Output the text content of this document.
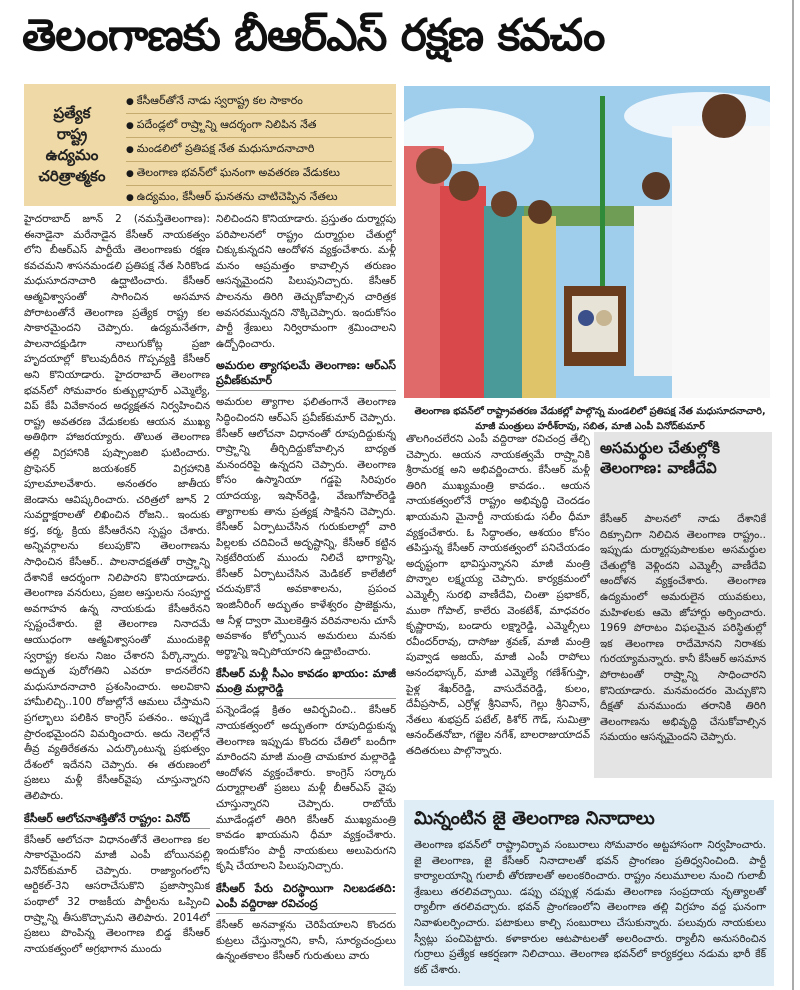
తెలంగాణకు బీఆర్ఎస్ రక్షణ కవచం
ప్రత్యేక
రాష్ట్ర
ఉద్యమం
చరిత్రాత్మకం
● కేసీఆర్‌తోనే నాడు స్వరాష్ట్ర కల సాకారం
● పదేండ్లలో రాష్ర్టాన్ని ఆదర్శంగా నిలిపిన నేత
● మండలిలో ప్రతిపక్ష నేత మధుసూదనాచారి
● తెలంగాణ భవన్‌లో ఘనంగా అవతరణ వేడుకలు
● ఉద్యమం, కేసీఆర్ ఘనతను చాటిచెప్పిన నేతలు
తెలంగాణ భవన్‌లో రాష్ట్రావతరణ వేడుకల్లో పాల్గొన్న మండలిలో ప్రతిపక్ష నేత మధుసూదనాచారి, మాజీ మంత్రులు హరీశ్‌రావు, సబిత, మాజీ ఎంపీ వినోద్‌కుమార్

హైదరాబాద్‌ జూన్‌ 2 (నమస్తేతెలంగాణ): ఈనాడైనా మరేనాడైన కేసీఆర్‌ నాయకత్వం లోని బీఆర్‌ఎస్‌ పార్టీయే తెలంగాణకు రక్షణ కవచమని శాసనమండలి ప్రతిపక్ష నేత సిరికొండ మధుసూదనాచారి ఉద్ఘాటించారు. కేసీఆర్‌ ఆత్మవిశ్వాసంతో సాగించిన అసమాన పోరాటంతోనే తెలంగాణ ప్రత్యేక రాష్ట్ర కల సాకారమైందని చెప్పారు. ఉద్యమనేతగా, పాలనాదక్షుడిగా నాలుగుకోట్ల ప్రజా హృదయాల్లో కొలువుదీరిన గొప్పవ్యక్తి కేసీఆర్‌ అని కొనియాడారు. హైదరాబాద్‌ తెలంగాణ భవన్‌లో సోమవారం కుత్బుల్లాపూర్‌ ఎమ్మెల్యే, విప్‌ కేపీ వివేకానంద అధ్యక్షతన నిర్వహించిన రాష్ట్ర అవతరణ వేడుకలకు ఆయన ముఖ్య అతిథిగా హాజరయ్యారు. తొలుత తెలంగాణ తల్లి విగ్రహానికి పుష్పాంజలి ఘటించారు. ప్రొఫెసర్‌ జయశంకర్‌ విగ్రహానికి పూలమాలవేశారు. అనంతరం జాతీయ జెండాను ఆవిష్కరించారు. చరిత్రలో జూన్‌ 2 సువర్ణాక్షరాలతో లిఖించిన రోజని.. ఇందుకు కర్త, కర్మ, క్రియ కేసీఆరేనని స్పష్టం చేశారు. అన్నివర్గాలను కలుపుకొని తెలంగాణను సాధించిన కేసీఆర్‌.. పాలనాదక్షతతో రాష్ర్టాన్ని దేశానికే ఆదర్శంగా నిలిపారని కొనియాడారు. తెలంగాణ వనరులు, ప్రజల ఆస్తులను సంపూర్ణ అవగాహన ఉన్న నాయకుడు కేసీఆరేనని స్పష్టంచేశారు. జై తెలంగాణ నినాదమే ఆయుధంగా ఆత్మవిశ్వాసంతో ముందుకెళ్లి స్వరాష్ట్ర కలను నిజం చేశారని పేర్కొన్నారు. అద్భుత పురోగతిని ఎవరూ కాదనలేరని మధుసూదనాచారి ప్రశంసించారు. అలవికాని హామీలిచ్చి..100 రోజుల్లోనే ఆమలు చేస్తామని ప్రగల్భాలు పలికిన కాంగ్రెస్‌ పతనం.. అప్పుడే ప్రారంభమైందని విమర్శించారు. అదు నెలల్లోనే తీవ్ర వ్యతిరేకతను ఎదుర్కొంటున్న ప్రభుత్వం దేశంలో ఇదేనని చెప్పారు. ఈ తరుణంలో ప్రజలు మళ్లీ కేసీఆర్‌వైపు చూస్తున్నారని తెలిపారు.

కేసీఆర్‌ ఆలోచనాశక్తితోనే రాష్ట్రం: వినోద్‌

కేసీఆర్‌ ఆలోచనా విధానంతోనే తెలంగాణ కల సాకారమైందని మాజీ ఎంపీ బోయినపల్లి వినోద్‌కుమార్‌ చెప్పారు. రాజ్యాంగంలోని ఆర్టికల్‌-3ని ఆసరాచేసుకొని ప్రజాస్వామిక పంథాలో 32 రాజకీయ పార్టీలను ఒప్పించి రాష్ర్టాన్ని తీసుకొచ్చామని తెలిపారు. 2014లో ప్రజలు పొంపిన్న తెలంగాణ బిడ్డ కేసీఆర్‌ నాయకత్వంలో అగ్రభాగాన ముందు

నిలిచిందని కొనియాడారు. ప్రస్తుతం దుర్మార్గపు పరిపాలనలో రాష్ట్రం దుర్మార్గుల చేతుల్లో చిక్కుకున్నదని ఆందోళన వ్యక్తంచేశారు. మళ్లీ మనం ఆప్రమత్తం కావాల్సిన తరుణం ఆసన్నమైందని పిలుపునిచ్చారు. కేసీఆర్‌ పాలనను తిరిగి తెచ్చుకోవాల్సిన చారిత్రక అవసరమున్నదని నొక్కిచెప్పారు. ఇందుకోసం పార్టీ శ్రేణులు నిర్విరామంగా శ్రమించాలని ఉద్బోధించారు.

అమరుల త్యాగఫలమే తెలంగాణ: ఆర్‌ఎస్‌ ప్రవీణ్‌కుమార్‌

అమరుల త్యాగాల ఫలితంగానే తెలంగాణ సిద్ధించిందని ఆర్‌ఎస్‌ ప్రవీణ్‌కుమార్‌ చెప్పారు. కేసీఆర్‌ ఆలోచనా విధానంతో రూపుదిద్దుకున్న రాష్ర్టాన్ని తీర్చిదిద్దుకోవాల్సిన బాధ్యత మనందరిపై ఉన్నదని చెప్పారు. తెలంగాణ కోసం ఉస్మానియా గడ్డపై సిరిపురం యాదయ్య, ఇషాన్‌రెడ్డి, వేణుగోపాల్‌రెడ్డి త్యాగాలకు తాను ప్రత్యక్ష సాక్షినని చెప్పారు. కేసీఆర్‌ ఏర్పాటుచేసిన గురుకులాల్లో వారి పిల్లలకు చదివించే అదృష్టాన్ని, కేసీఆర్‌ కట్టిన సెక్రటేరియట్‌ ముందు నిలిచే భాగ్యాన్ని, కేసీఆర్‌ ఏర్పాటుచేసిన మెడికల్‌ కాలేజీలో చదువుకొనే అవకాశాలను, ప్రపంచ ఇంజినీరింగ్‌ అద్భుతం కాళేశ్వరం ప్రాజెక్టును, ఆ నీళ్ల ద్వారా మొలకెత్తిన వరివనాలను చూసే అవకాశం కోల్పోయిన అమరులు మనకు అర్థ్మాన్ని ఇచ్చిపోయారని ఉద్ఘాటించారు.

కేసీఆర్‌ మళ్లీ సీఎం కావడం ఖాయం: మాజీ మంత్రి మల్లారెడ్డి

పన్నెండేండ్ల క్రితం ఆవిర్భవించి.. కేసీఆర్‌ నాయకత్వంలో అద్భుతంగా రూపుదిద్దుకున్న తెలంగాణ ఇప్పుడు కొందరు చేతిలో బందీగా మారిందని మాజీ మంత్రి చామకూర మల్లారెడ్డి ఆందోళన వ్యక్తంచేశారు. కాంగ్రెస్‌ సర్కారు దుర్మార్గాలతో ప్రజలు మళ్లీ బీఆర్‌ఎస్‌ వైపు చూస్తున్నారని చెప్పారు. రాబోయే మూడేండ్లలో తిరిగి కేసీఆర్‌ ముఖ్యమంత్రి కావడం ఖాయమని ధీమా వ్యక్తంచేశారు. ఇందుకోసం పార్టీ నాయకులు అలుపెరుగని కృషి చేయాలని పిలుపునిచ్చారు.

కేసీఆర్‌ పేరు చిరస్థాయిగా నిలబడతది: ఎంపీ వద్దిరాజు రవిచంద్ర

కేసీఆర్‌ అనవాళ్లను చెరిపేయాలని కొందరు కుట్రలు చేస్తున్నారని, కానీ, సూర్యచంద్రులు ఉన్నంతకాలం కేసీఆర్‌ గురుతులు వారు

తొలగించలేరని ఎంపీ వద్దిరాజు రవిచంద్ర తేల్చి చెప్పారు. ఆయన నాయకత్వమే రాష్ర్టానికి శ్రీరామరక్ష అని అభివర్ణించారు. కేసీఆర్‌ మళ్లీ తిరిగి ముఖ్యమంత్రి కావడం.. ఆయన నాయకత్వంలోనే రాష్ట్రం అభివృద్ధి చెందడం ఖాయమని మైనార్టీ నాయకుడు సలీం ధీమా వ్యక్తంచేశారు. ఓ సిద్ధాంతం, ఆశయం కోసం తపిస్తున్న కేసీఆర్‌ నాయకత్వంలో పనిచేయడం అదృష్టంగా భావిస్తున్నానని మాజీ మంత్రి పొన్నాల లక్ష్మయ్య చెప్పారు. కార్యక్రమంలో ఎమ్మెల్సీ సురభి వాణీదేవి, చింతా ప్రభాకర్‌, ముఠా గోపాల్‌, కాలేరు వెంకటేశ్‌, మాధవరం కృష్ణారావు, బండారు లక్ష్మారెడ్డి, ఎమ్మెల్సీలు రవీందర్‌రావు, దాసోజు శ్రవణ్‌, మాజీ మంత్రి పువ్వాడ అజయ్‌, మాజీ ఎంపీ రాపోలు ఆనందభాస్కర్‌, మాజీ ఎమ్మెల్యే గణేశ్‌గుప్తా, పైళ్ల శేఖర్‌రెడ్డి, వాసుదేవరెడ్డి, కులం, దేవీప్రసాద్‌, ఎర్రోళ్ల శ్రీనివాస్‌, గెల్లు శ్రీనివాస్‌, నేతలు శుభప్రద్‌ పటేల్‌, కిశోర్‌ గౌడ్‌, సుమిత్రా ఆనంద్‌తనోబా, గజ్జెల నగేశ్‌, బాలరాజుయాదవ్‌ తదితరులు పాల్గొన్నారు.

అసమర్థుల చేతుల్లోకి
తెలంగాణ: వాణీదేవి
కేసీఆర్‌ పాలనలో నాడు దేశానికే దిక్సూచిగా నిలిచిన తెలంగాణ రాష్ట్రం.. ఇప్పుడు దుర్మార్గపుపాలకుల అసమర్థుల చేతుల్లోకి వెళ్లిందని ఎమ్మెల్సీ వాణీదేవి ఆందోళన వ్యక్తంచేశారు. తెలంగాణ ఉద్యమంలో అమరులైన యువకులు, మహిళలకు ఆమె జోహార్లు అర్పించారు. 1969 పోరాటం విఫలమైన పరిస్థితుల్లో ఇక తెలంగాణ రాదేమోనని నిరాశకు గురయ్యామన్నారు. కానీ కేసీఆర్‌ అసమాన పోరాటంతో రాష్ర్టాన్ని సాధించారని కొనియాడారు. మనమందరం మెచ్చుకొని దీక్షతో మనముందు తరానికి తిరిగి తెలంగాణను అభివృద్ధి చేసుకోవాల్సిన సమయం ఆసన్నమైందని చెప్పారు.
మిన్నంటిన జై తెలంగాణ నినాదాలు
తెలంగాణ భవన్‌లో రాష్ట్రావిర్భావ సంబురాలు సోమవారం అట్టహాసంగా నిర్వహించారు. జై తెలంగాణ, జై కేసీఆర్‌ నినాదాలతో భవన్‌ ప్రాంగణం ప్రతిధ్వనించింది. పార్టీ కార్యాలయాన్ని గులాబీ తోరణాలతో అలంకరించారు. రాష్ట్రం నలుమూలల నుంచి గులాబీ శ్రేణులు తరలివచ్చాయి. డప్పు చప్పుళ్ల నడుమ తెలంగాణ సంప్రదాయ నృత్యాలతో ర్యాలీగా తరలివచ్చారు. భవన్‌ ప్రాంగణంలోని తెలంగాణ తల్లి విగ్రహం వద్ద ఘనంగా నివాళులర్పించారు. పటాకులు కాల్చి సంబురాలు చేసుకున్నారు. పలువురు నాయకులు స్వీట్లు పంచిపెట్టారు. కళాకారుల ఆటపాటలతో అలరించారు. ర్యాలీని అనుసరించిన గుర్రాలు ప్రత్యేక ఆకర్షణగా నిలిచాయి. తెలంగాణ భవన్‌లో కార్యకర్తలు నడుమ భారీ కేక్‌ కట్‌ చేశారు.
